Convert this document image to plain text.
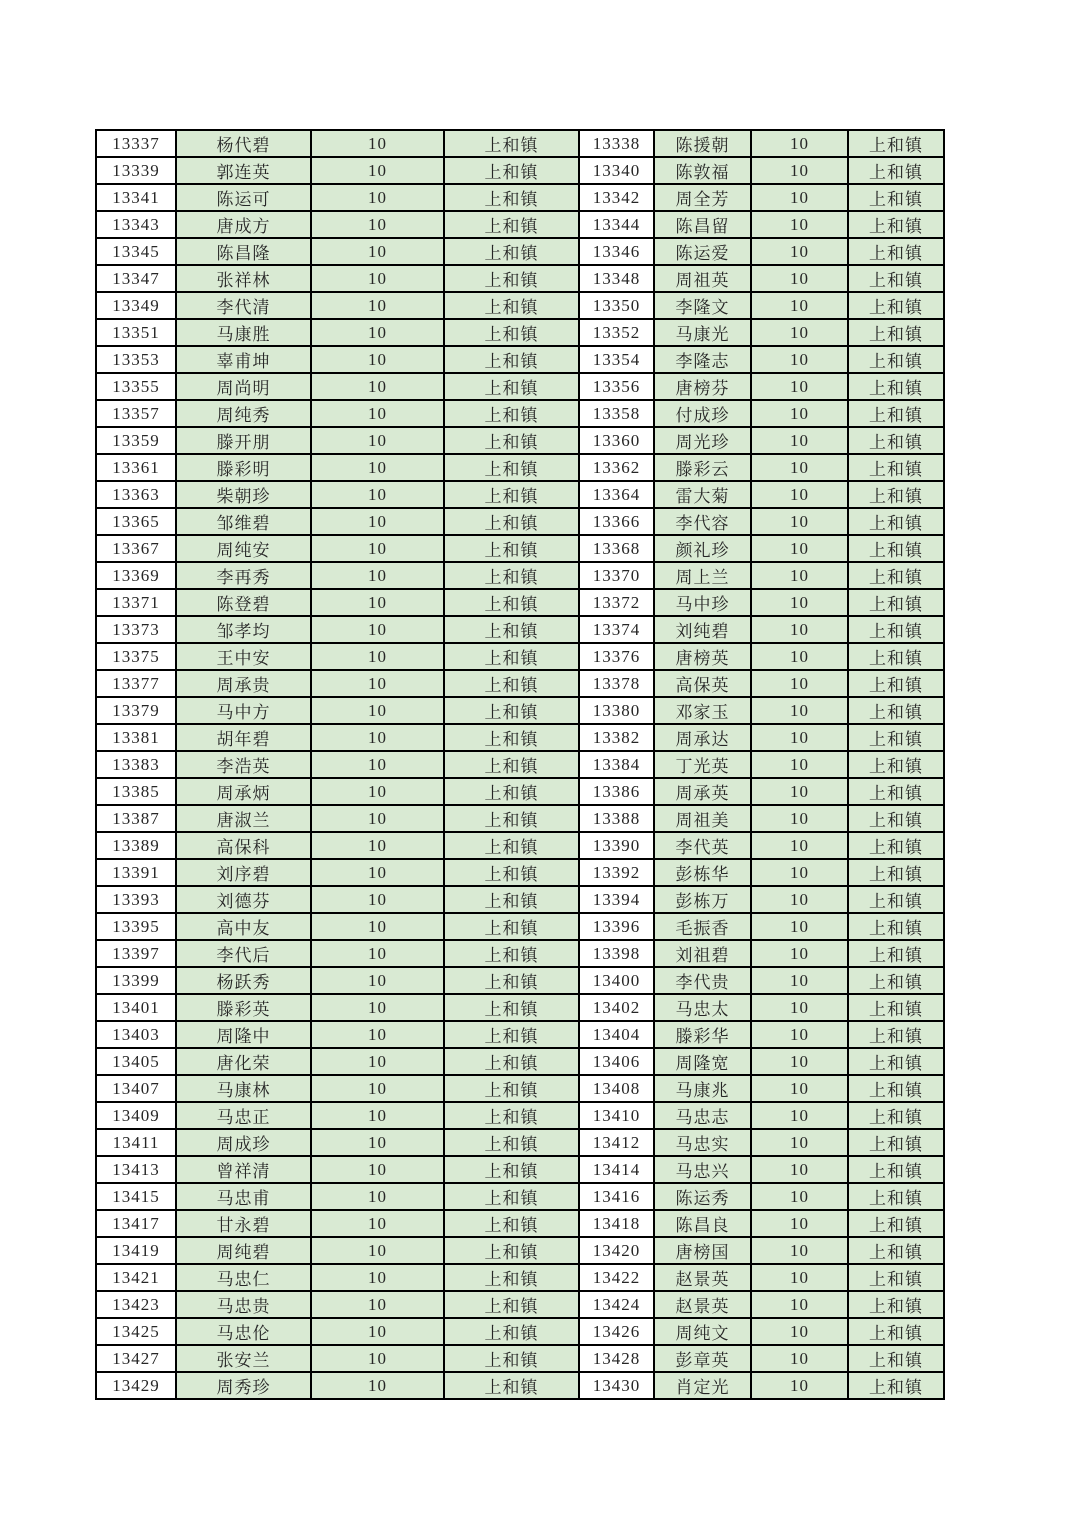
13337	杨代碧	10	上和镇	13338	陈援朝	10	上和镇
13339	郭连英	10	上和镇	13340	陈敦福	10	上和镇
13341	陈运可	10	上和镇	13342	周全芳	10	上和镇
13343	唐成方	10	上和镇	13344	陈昌留	10	上和镇
13345	陈昌隆	10	上和镇	13346	陈运爱	10	上和镇
13347	张祥林	10	上和镇	13348	周祖英	10	上和镇
13349	李代清	10	上和镇	13350	李隆文	10	上和镇
13351	马康胜	10	上和镇	13352	马康光	10	上和镇
13353	辜甫坤	10	上和镇	13354	李隆志	10	上和镇
13355	周尚明	10	上和镇	13356	唐榜芬	10	上和镇
13357	周纯秀	10	上和镇	13358	付成珍	10	上和镇
13359	滕开朋	10	上和镇	13360	周光珍	10	上和镇
13361	滕彩明	10	上和镇	13362	滕彩云	10	上和镇
13363	柴朝珍	10	上和镇	13364	雷大菊	10	上和镇
13365	邹维碧	10	上和镇	13366	李代容	10	上和镇
13367	周纯安	10	上和镇	13368	颜礼珍	10	上和镇
13369	李再秀	10	上和镇	13370	周上兰	10	上和镇
13371	陈登碧	10	上和镇	13372	马中珍	10	上和镇
13373	邹孝均	10	上和镇	13374	刘纯碧	10	上和镇
13375	王中安	10	上和镇	13376	唐榜英	10	上和镇
13377	周承贵	10	上和镇	13378	高保英	10	上和镇
13379	马中方	10	上和镇	13380	邓家玉	10	上和镇
13381	胡年碧	10	上和镇	13382	周承达	10	上和镇
13383	李浩英	10	上和镇	13384	丁光英	10	上和镇
13385	周承炳	10	上和镇	13386	周承英	10	上和镇
13387	唐淑兰	10	上和镇	13388	周祖美	10	上和镇
13389	高保科	10	上和镇	13390	李代英	10	上和镇
13391	刘序碧	10	上和镇	13392	彭栋华	10	上和镇
13393	刘德芬	10	上和镇	13394	彭栋万	10	上和镇
13395	高中友	10	上和镇	13396	毛振香	10	上和镇
13397	李代后	10	上和镇	13398	刘祖碧	10	上和镇
13399	杨跃秀	10	上和镇	13400	李代贵	10	上和镇
13401	滕彩英	10	上和镇	13402	马忠太	10	上和镇
13403	周隆中	10	上和镇	13404	滕彩华	10	上和镇
13405	唐化荣	10	上和镇	13406	周隆宽	10	上和镇
13407	马康林	10	上和镇	13408	马康兆	10	上和镇
13409	马忠正	10	上和镇	13410	马忠志	10	上和镇
13411	周成珍	10	上和镇	13412	马忠实	10	上和镇
13413	曾祥清	10	上和镇	13414	马忠兴	10	上和镇
13415	马忠甫	10	上和镇	13416	陈运秀	10	上和镇
13417	甘永碧	10	上和镇	13418	陈昌良	10	上和镇
13419	周纯碧	10	上和镇	13420	唐榜国	10	上和镇
13421	马忠仁	10	上和镇	13422	赵景英	10	上和镇
13423	马忠贵	10	上和镇	13424	赵景英	10	上和镇
13425	马忠伦	10	上和镇	13426	周纯文	10	上和镇
13427	张安兰	10	上和镇	13428	彭章英	10	上和镇
13429	周秀珍	10	上和镇	13430	肖定光	10	上和镇
